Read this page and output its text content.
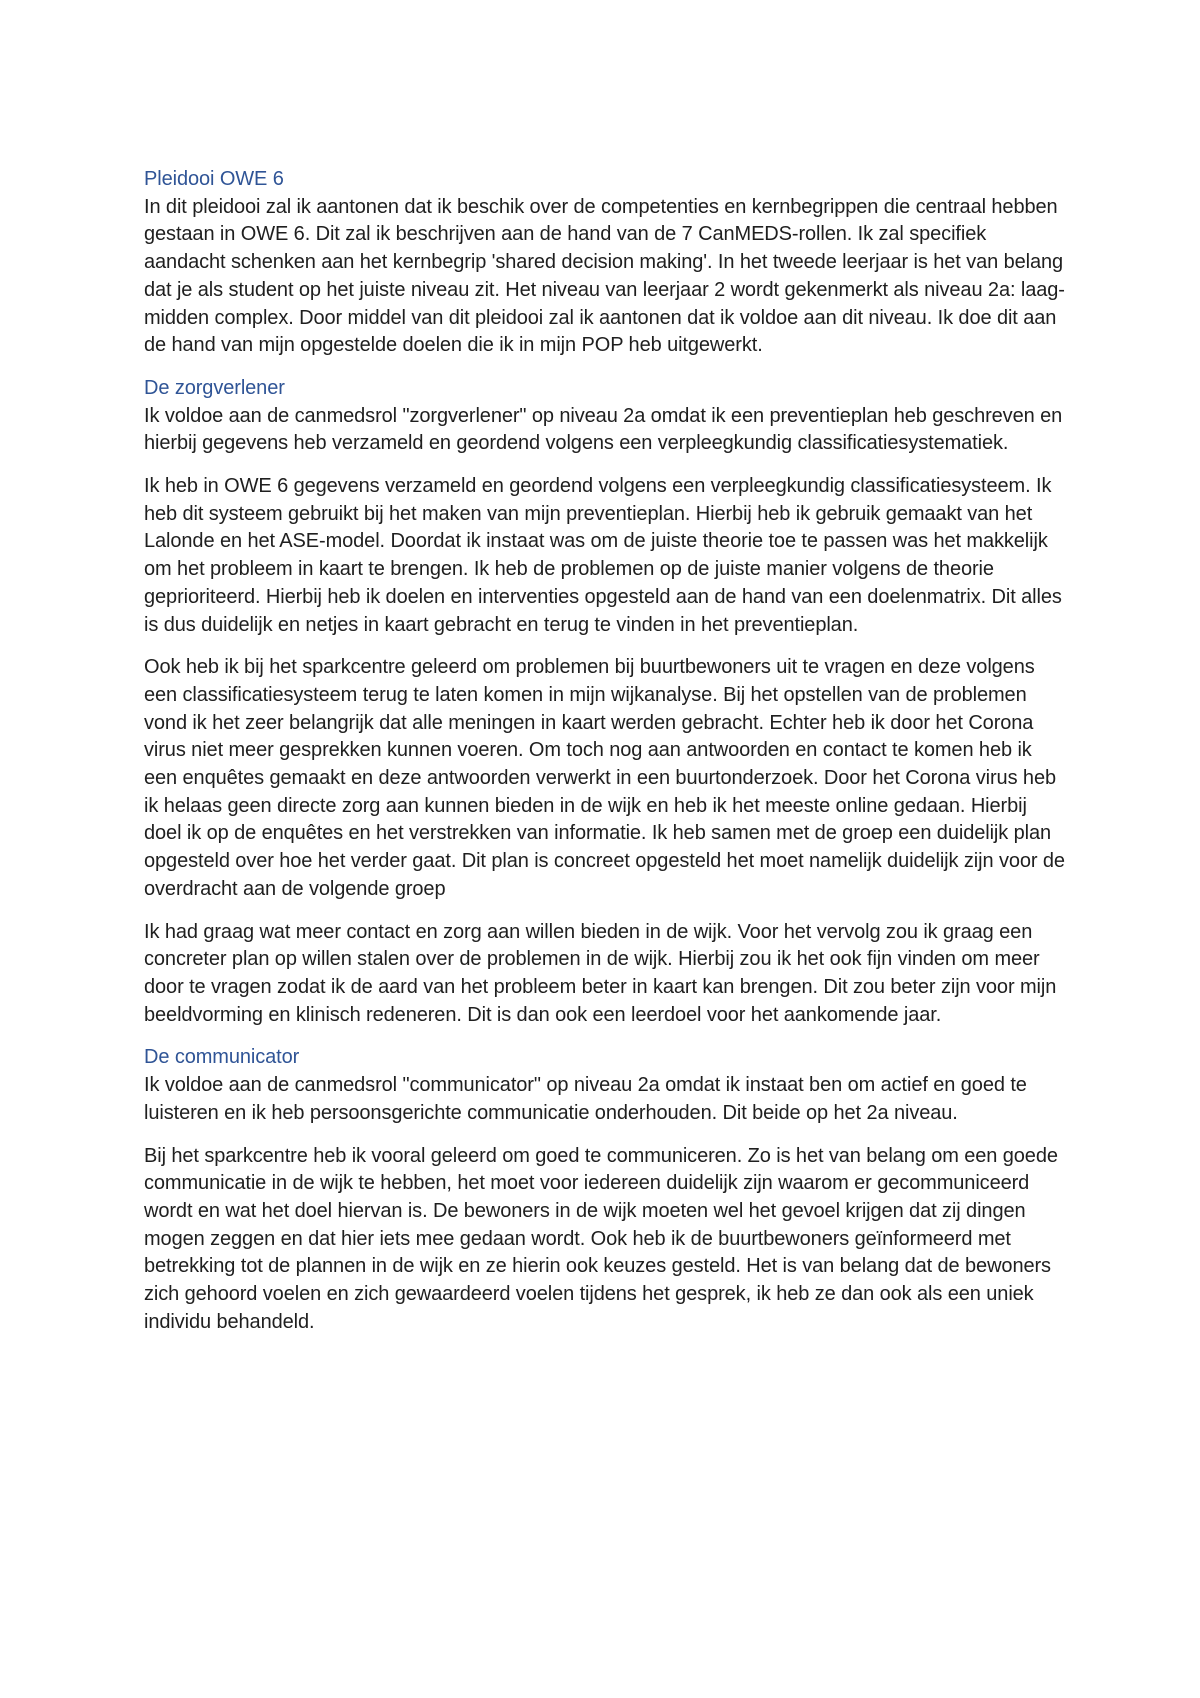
Pleidooi OWE 6

In dit pleidooi zal ik aantonen dat ik beschik over de competenties en kernbegrippen die centraal hebben gestaan in OWE 6. Dit zal ik beschrijven aan de hand van de 7 CanMEDS-rollen. Ik zal specifiek aandacht schenken aan het kernbegrip 'shared decision making'. In het tweede leerjaar is het van belang dat je als student op het juiste niveau zit. Het niveau van leerjaar 2 wordt gekenmerkt als niveau 2a: laag-midden complex. Door middel van dit pleidooi zal ik aantonen dat ik voldoe aan dit niveau. Ik doe dit aan de hand van mijn opgestelde doelen die ik in mijn POP heb uitgewerkt.

De zorgverlener

Ik voldoe aan de canmedsrol "zorgverlener" op niveau 2a omdat ik een preventieplan heb geschreven en hierbij gegevens heb verzameld en geordend volgens een verpleegkundig classificatiesystematiek.

Ik heb in OWE 6 gegevens verzameld en geordend volgens een verpleegkundig classificatiesysteem. Ik heb dit systeem gebruikt bij het maken van mijn preventieplan. Hierbij heb ik gebruik gemaakt van het Lalonde en het ASE-model. Doordat ik instaat was om de juiste theorie toe te passen was het makkelijk om het probleem in kaart te brengen. Ik heb de problemen op de juiste manier volgens de theorie geprioriteerd. Hierbij heb ik doelen en interventies opgesteld aan de hand van een doelenmatrix. Dit alles is dus duidelijk en netjes in kaart gebracht en terug te vinden in het preventieplan.

Ook heb ik bij het sparkcentre geleerd om problemen bij buurtbewoners uit te vragen en deze volgens een classificatiesysteem terug te laten komen in mijn wijkanalyse. Bij het opstellen van de problemen vond ik het zeer belangrijk dat alle meningen in kaart werden gebracht. Echter heb ik door het Corona virus niet meer gesprekken kunnen voeren. Om toch nog aan antwoorden en contact te komen heb ik een enquêtes gemaakt en deze antwoorden verwerkt in een buurtonderzoek. Door het Corona virus heb ik helaas geen directe zorg aan kunnen bieden in de wijk en heb ik het meeste online gedaan. Hierbij doel ik op de enquêtes en het verstrekken van informatie. Ik heb samen met de groep een duidelijk plan opgesteld over hoe het verder gaat. Dit plan is concreet opgesteld het moet namelijk duidelijk zijn voor de overdracht aan de volgende groep

Ik had graag wat meer contact en zorg aan willen bieden in de wijk. Voor het vervolg zou ik graag een concreter plan op willen stalen over de problemen in de wijk. Hierbij zou ik het ook fijn vinden om meer door te vragen zodat ik de aard van het probleem beter in kaart kan brengen. Dit zou beter zijn voor mijn beeldvorming en klinisch redeneren. Dit is dan ook een leerdoel voor het aankomende jaar.

De communicator

Ik voldoe aan de canmedsrol "communicator" op niveau 2a omdat ik instaat ben om actief en goed te luisteren en ik heb persoonsgerichte communicatie onderhouden. Dit beide op het 2a niveau.

Bij het sparkcentre heb ik vooral geleerd om goed te communiceren. Zo is het van belang om een goede communicatie in de wijk te hebben, het moet voor iedereen duidelijk zijn waarom er gecommuniceerd wordt en wat het doel hiervan is. De bewoners in de wijk moeten wel het gevoel krijgen dat zij dingen mogen zeggen en dat hier iets mee gedaan wordt. Ook heb ik de buurtbewoners geïnformeerd met betrekking tot de plannen in de wijk en ze hierin ook keuzes gesteld. Het is van belang dat de bewoners zich gehoord voelen en zich gewaardeerd voelen tijdens het gesprek, ik heb ze dan ook als een uniek individu behandeld.
